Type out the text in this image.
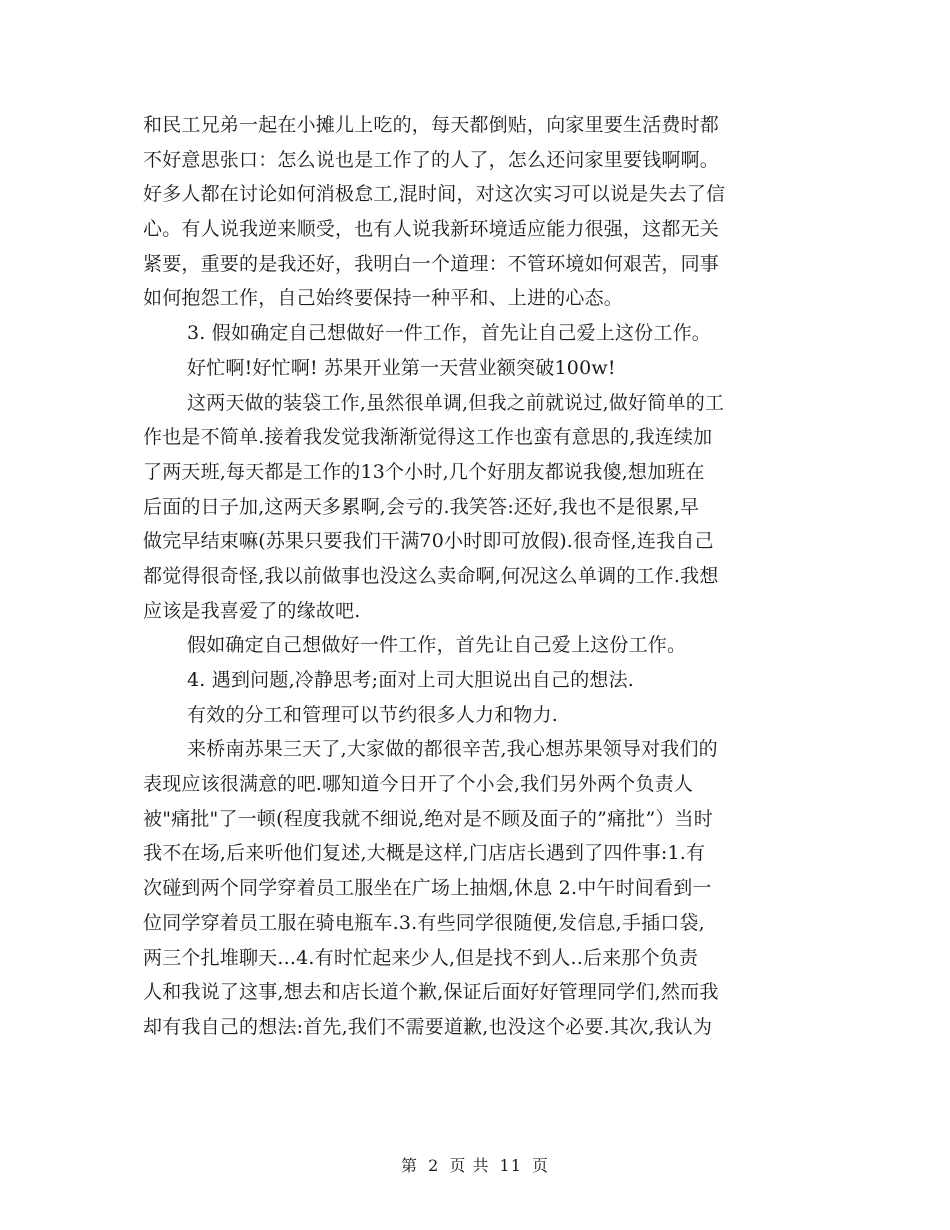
和民工兄弟一起在小摊儿上吃的，每天都倒贴，向家里要生活费时都
不好意思张口：怎么说也是工作了的人了，怎么还问家里要钱啊啊。
好多人都在讨论如何消极怠工,混时间，对这次实习可以说是失去了信
心。有人说我逆来顺受，也有人说我新环境适应能力很强，这都无关
紧要，重要的是我还好，我明白一个道理：不管环境如何艰苦，同事
如何抱怨工作，自己始终要保持一种平和、上进的心态。
3. 假如确定自己想做好一件工作，首先让自己爱上这份工作。
好忙啊!好忙啊! 苏果开业第一天营业额突破100w!
这两天做的装袋工作,虽然很单调,但我之前就说过,做好简单的工
作也是不简单.接着我发觉我渐渐觉得这工作也蛮有意思的,我连续加
了两天班,每天都是工作的13个小时,几个好朋友都说我傻,想加班在
后面的日子加,这两天多累啊,会亏的.我笑答:还好,我也不是很累,早
做完早结束嘛(苏果只要我们干满70小时即可放假).很奇怪,连我自己
都觉得很奇怪,我以前做事也没这么卖命啊,何况这么单调的工作.我想
应该是我喜爱了的缘故吧.
假如确定自己想做好一件工作，首先让自己爱上这份工作。
4. 遇到问题,冷静思考;面对上司大胆说出自己的想法.
有效的分工和管理可以节约很多人力和物力.
来桥南苏果三天了,大家做的都很辛苦,我心想苏果领导对我们的
表现应该很满意的吧.哪知道今日开了个小会,我们另外两个负责人
被"痛批"了一顿(程度我就不细说,绝对是不顾及面子的”痛批”）当时
我不在场,后来听他们复述,大概是这样,门店店长遇到了四件事:1.有
次碰到两个同学穿着员工服坐在广场上抽烟,休息 2.中午时间看到一
位同学穿着员工服在骑电瓶车.3.有些同学很随便,发信息,手插口袋,
两三个扎堆聊天...4.有时忙起来少人,但是找不到人..后来那个负责
人和我说了这事,想去和店长道个歉,保证后面好好管理同学们,然而我
却有我自己的想法:首先,我们不需要道歉,也没这个必要.其次,我认为
第 2 页 共 11 页
